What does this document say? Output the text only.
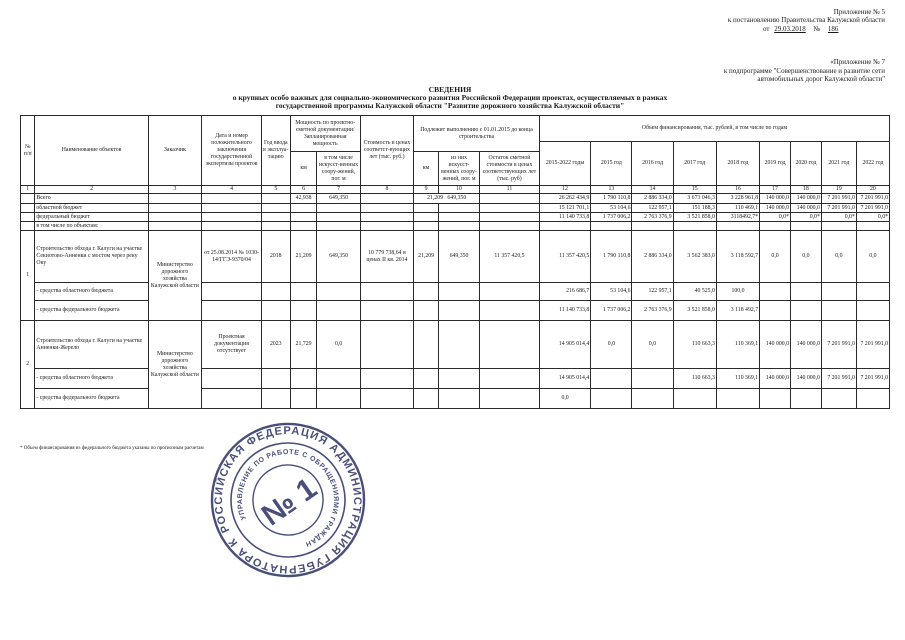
Приложение № 5
к постановлению Правительства Калужской области
от 29.03.2018 № 186
«Приложение № 7
к подпрограмме "Совершенствование и развитие сети
автомобильных дорог Калужской области"
СВЕДЕНИЯ
о крупных особо важных для социально-экономического развития Российской Федерации проектах, осуществляемых в рамках
государственной программы Калужской области "Развитие дорожного хозяйства Калужской области"
№ п/п	Наименование объектов	Заказчик	Дата и номер положительного заключения государственной экспертизы проектов	Год ввода в эксплуа-тацию	Мощность по проектно-сметной документации/Запланированная мощность		Стоимость в ценах соответст-вующих лет (тыс. руб.)	Подлежит выполнению с 01.01.2015 до конца строительства			Объем финансирования, тыс. рублей, в том числе по годам								
											2015-2022 годы	2015 год	2016 год	2017 год	2018 год	2019 год	2020 год	2021 год	2022 год
					км	в том числе искусст-венных соору-жений, пог. м		км	из них искусст-венных соору-жений, пог. м	Остаток сметной стоимости в ценах соответствующих лет (тыс. руб)									
1	2	3	4	5	6	7	8	9	10	11	12	13	14	15	16	17	18	19	20
	Всего				42,938	649,350		21,209 649,350			26 262 434,9	1 790 110,8	2 886 334,0	3 673 046,3	3 228 961,8	140 000,0	140 000,0	7 201 991,0	7 201 991,0
	областной бюджет										15 121 701,1	53 104,6	122 957,1	151 188,3	110 469,1	140 000,0	140 000,0	7 201 991,0	7 201 991,0
	федеральный бюджет										11 140 733,8	1 737 006,2	2 763 376,9	3 521 858,0	3118492,7*	0,0*	0,0*	0,0*	0,0*
	в том числе по объектам:																		
1	Строительство обхода г. Калуги на участке Секиотово-Анненки с мостом через реку Оку	Министерство дорожного хозяйства Калужской области	от 25.08.2014 № 1030-14/ГГЭ-9370/04	2018	21,209	649,350	10 779 738,64 в ценах II кв. 2014	21,209	649,350	11 357 420,5	11 357 420,5	1 790 110,8	2 886 334,0	3 562 383,0	3 118 592,7	0,0	0,0	0,0	0,0
	- средства областного бюджета										216 686,7	53 104,6	122 957,1	40 525,0	100,0				
	- средства федерального бюджета										11 140 733,8	1 737 006,2	2 763 376,9	3 521 858,0	3 118 492,7				
2	Строительство обхода г. Калуги на участке Анненки-Жерело	Министерство дорожного хозяйства Калужской области	Проектная документация отсутствует	2023	21,729	0,0					14 905 014,4	0,0	0,0	110 663,3	110 369,1	140 000,0	140 000,0	7 201 991,0	7 201 991,0
	- средства областного бюджета										14 905 014,4			110 663,3	110 369,1	140 000,0	140 000,0	7 201 991,0	7 201 991,0
	- средства федерального бюджета										0,0								
* Объем финансирования из федерального бюджета указаны по прогнозным расчетам
РОССИЙСКАЯ ФЕДЕРАЦИЯ АДМИНИСТРАЦИЯ ГУБЕРНАТОРА КАЛУЖСКОЙ
УПРАВЛЕНИЕ ПО РАБОТЕ С ОБРАЩЕНИЯМИ ГРАЖДАН
№ 1
